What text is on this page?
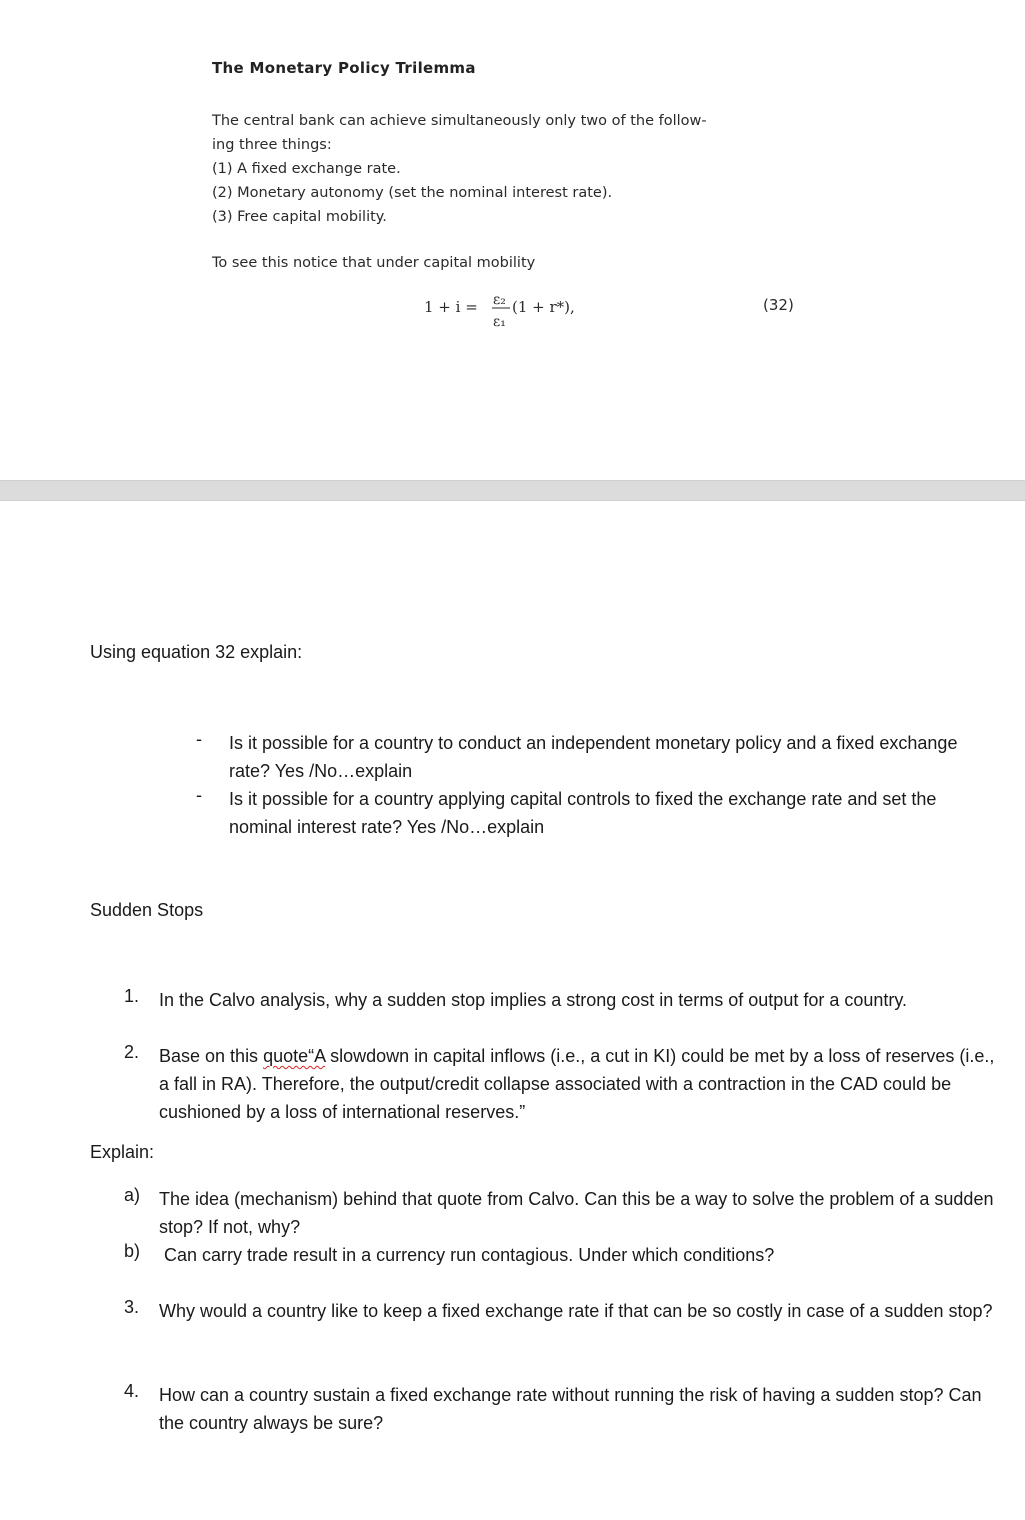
The Monetary Policy Trilemma
The central bank can achieve simultaneously only two of the follow-
ing three things:
(1) A fixed exchange rate.
(2) Monetary autonomy (set the nominal interest rate).
(3) Free capital mobility.
To see this notice that under capital mobility
1 + i = ε₂
ε₁
(1 + r*),	(32)
Using equation 32 explain:
- Is it possible for a country to conduct an independent monetary policy and a fixed exchange rate? Yes /No…explain
- Is it possible for a country applying capital controls to fixed the exchange rate and set the nominal interest rate? Yes /No…explain
Sudden Stops
1. In the Calvo analysis, why a sudden stop implies a strong cost in terms of output for a country.
2. Base on this quote“A slowdown in capital inflows (i.e., a cut in KI) could be met by a loss of reserves (i.e., a fall in RA). Therefore, the output/credit collapse associated with a contraction in the CAD could be cushioned by a loss of international reserves.”
Explain:
a) The idea (mechanism) behind that quote from Calvo. Can this be a way to solve the problem of a sudden stop? If not, why?
b) Can carry trade result in a currency run contagious. Under which conditions?
3. Why would a country like to keep a fixed exchange rate if that can be so costly in case of a sudden stop?
4. How can a country sustain a fixed exchange rate without running the risk of having a sudden stop? Can the country always be sure?
